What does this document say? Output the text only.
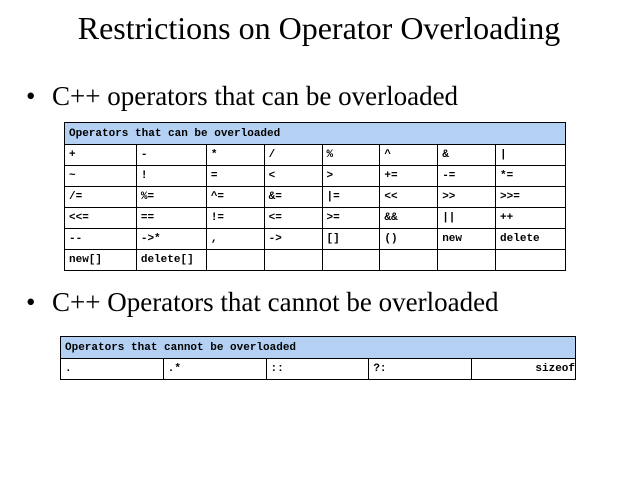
Restrictions on Operator Overloading
• C++ operators that can be overloaded
Operators that can be overloaded							
+	-	*	/	%	^	&	|
~	!	=	<	>	+=	-=	*=
/=	%=	^=	&=	|=	<<	>>	>>=
<<=	==	!=	<=	>=	&&	||	++
--	->*	,	->	[]	()	new	delete
new[]	delete[]						
• C++ Operators that cannot be overloaded
Operators that cannot be overloaded
.	.*	::	?:	sizeof
